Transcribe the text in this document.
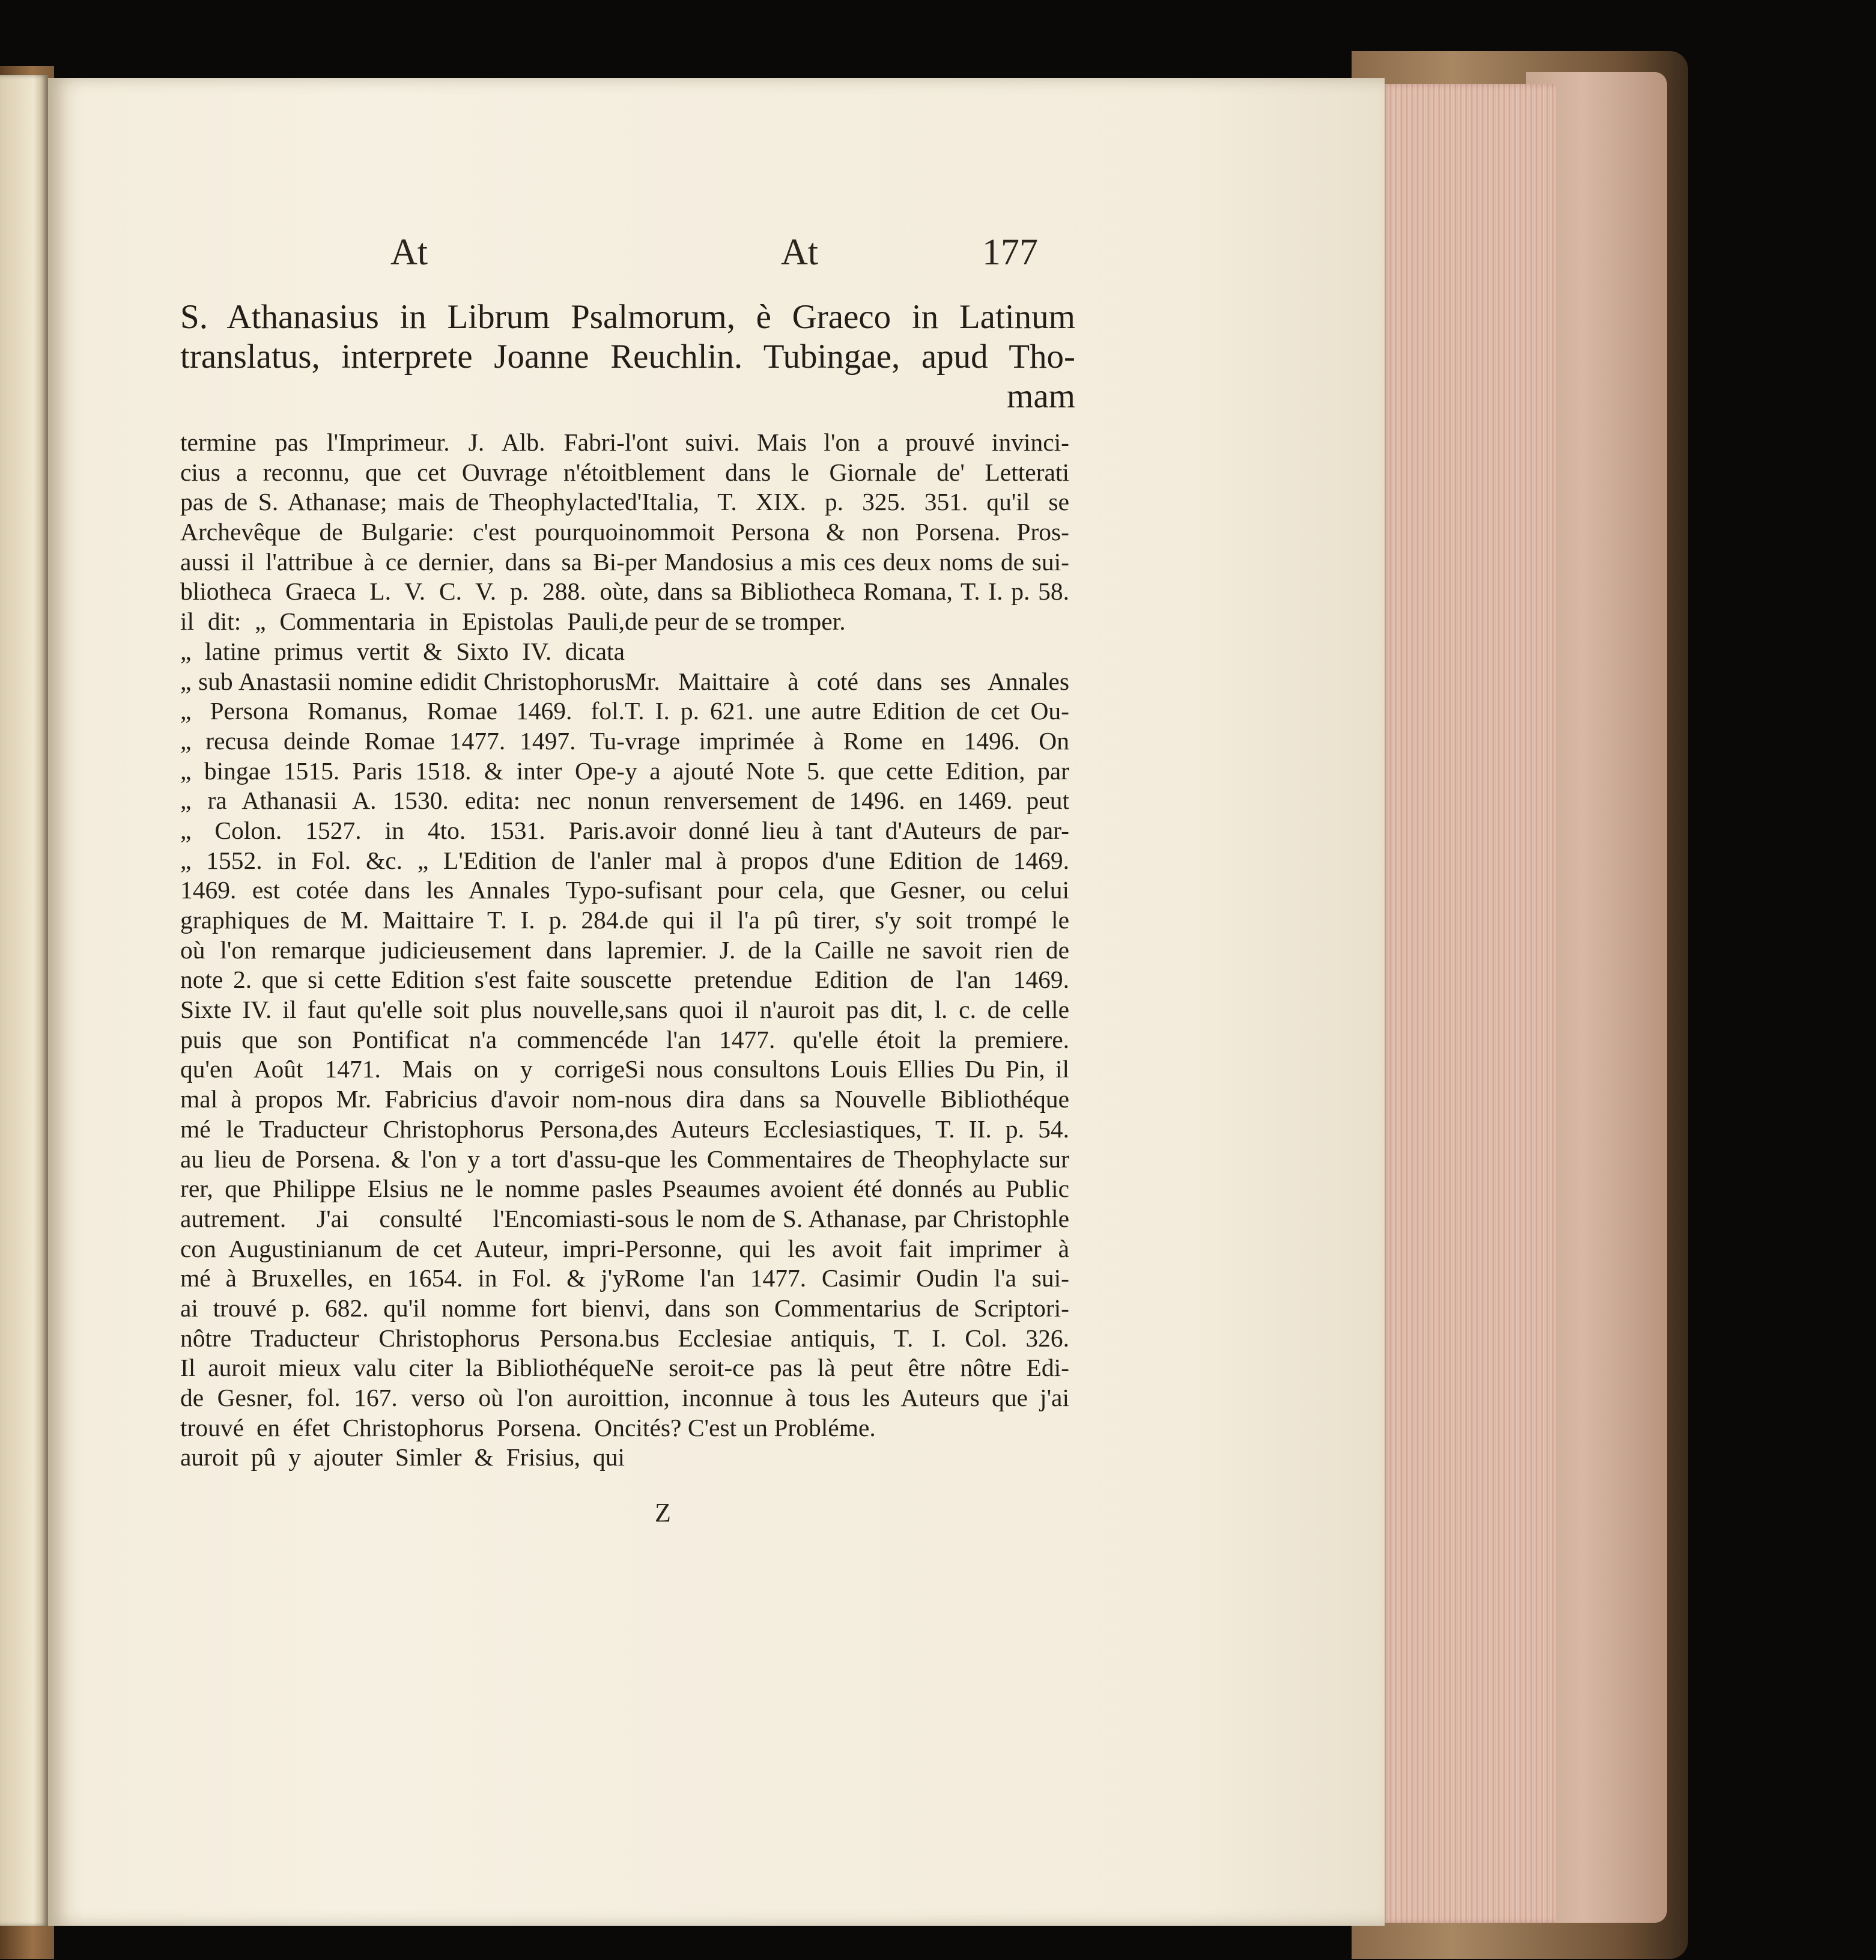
At	At	177
S. Athanasius in Librum Psalmorum, è Graeco in Latinum
translatus, interprete Joanne Reuchlin. Tubingae, apud Tho-
mam
termine pas l'Imprimeur. J. Alb. Fabri-
cius a reconnu, que cet Ouvrage n'étoit
pas de S. Athanase; mais de Theophylacte
Archevêque de Bulgarie: c'est pourquoi
aussi il l'attribue à ce dernier, dans sa Bi-
bliotheca Graeca L. V. C. V. p. 288. où
il dit: „ Commentaria in Epistolas Pauli,
„ latine primus vertit & Sixto IV. dicata
„ sub Anastasii nomine edidit Christophorus
„ Persona Romanus, Romae 1469. fol.
„ recusa deinde Romae 1477. 1497. Tu-
„ bingae 1515. Paris 1518. & inter Ope-
„ ra Athanasii A. 1530. edita: nec non
„ Colon. 1527. in 4to. 1531. Paris.
„ 1552. in Fol. &c. „ L'Edition de l'an
1469. est cotée dans les Annales Typo-
graphiques de M. Maittaire T. I. p. 284.
où l'on remarque judicieusement dans la
note 2. que si cette Edition s'est faite sous
Sixte IV. il faut qu'elle soit plus nouvelle,
puis que son Pontificat n'a commencé
qu'en Août 1471. Mais on y corrige
mal à propos Mr. Fabricius d'avoir nom-
mé le Traducteur Christophorus Persona,
au lieu de Porsena. & l'on y a tort d'assu-
rer, que Philippe Elsius ne le nomme pas
autrement. J'ai consulté l'Encomiasti-
con Augustinianum de cet Auteur, impri-
mé à Bruxelles, en 1654. in Fol. & j'y
ai trouvé p. 682. qu'il nomme fort bien
nôtre Traducteur Christophorus Persona.
Il auroit mieux valu citer la Bibliothéque
de Gesner, fol. 167. verso où l'on auroit
trouvé en éfet Christophorus Porsena. On
auroit pû y ajouter Simler & Frisius, qui
l'ont suivi. Mais l'on a prouvé invinci-
blement dans le Giornale de' Letterati
d'Italia, T. XIX. p. 325. 351. qu'il se
nommoit Persona & non Porsena. Pros-
per Mandosius a mis ces deux noms de sui-
te, dans sa Bibliotheca Romana, T. I. p. 58.
de peur de se tromper.
Mr. Maittaire à coté dans ses Annales
T. I. p. 621. une autre Edition de cet Ou-
vrage imprimée à Rome en 1496. On
y a ajouté Note 5. que cette Edition, par
un renversement de 1496. en 1469. peut
avoir donné lieu à tant d'Auteurs de par-
ler mal à propos d'une Edition de 1469.
sufisant pour cela, que Gesner, ou celui
de qui il l'a pû tirer, s'y soit trompé le
premier. J. de la Caille ne savoit rien de
cette pretendue Edition de l'an 1469.
sans quoi il n'auroit pas dit, l. c. de celle
de l'an 1477. qu'elle étoit la premiere.
Si nous consultons Louis Ellies Du Pin, il
nous dira dans sa Nouvelle Bibliothéque
des Auteurs Ecclesiastiques, T. II. p. 54.
que les Commentaires de Theophylacte sur
les Pseaumes avoient été donnés au Public
sous le nom de S. Athanase, par Christophle
Personne, qui les avoit fait imprimer à
Rome l'an 1477. Casimir Oudin l'a sui-
vi, dans son Commentarius de Scriptori-
bus Ecclesiae antiquis, T. I. Col. 326.
Ne seroit-ce pas là peut être nôtre Edi-
tion, inconnue à tous les Auteurs que j'ai
cités? C'est un Probléme.
Z
